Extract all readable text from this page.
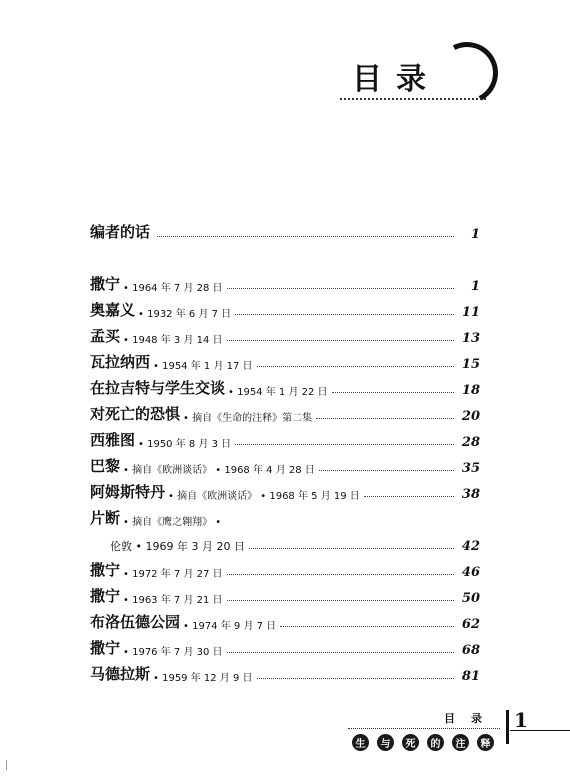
目录
编者的话	1
撒宁 • 1964 年 7 月 28 日	1
奥嘉义 • 1932 年 6 月 7 日	11
孟买 • 1948 年 3 月 14 日	13
瓦拉纳西 • 1954 年 1 月 17 日	15
在拉吉特与学生交谈 • 1954 年 1 月 22 日	18
对死亡的恐惧 • 摘自《生命的注释》第二集	20
西雅图 • 1950 年 8 月 3 日	28
巴黎 • 摘自《欧洲谈话》 • 1968 年 4 月 28 日	35
阿姆斯特丹 • 摘自《欧洲谈话》 • 1968 年 5 月 19 日	38
片断 • 摘自《鹰之翱翔》 •
伦敦 • 1969 年 3 月 20 日	42
撒宁 • 1972 年 7 月 27 日	46
撒宁 • 1963 年 7 月 21 日	50
布洛伍德公园 • 1974 年 9 月 7 日	62
撒宁 • 1976 年 7 月 30 日	68
马德拉斯 • 1959 年 12 月 9 日	81
目录
生	与	死	的	注	释
1
